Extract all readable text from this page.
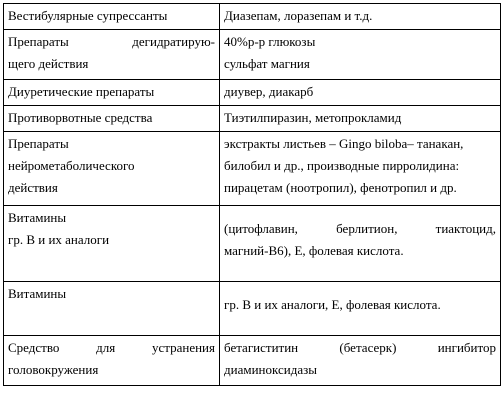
Вестибулярные супрессанты	Диазепам, лоразепам и т.д.

Препараты дегидратирую-
щего действия	40%р-р глюкозы
сульфат магния

Диуретические препараты	диувер, диакарб

Противорвотные средства	Тиэтилпиразин, метопрокламид

Препараты
нейрометаболического
действия	экстракты листьев – Gingo biloba– танакан,
билобил и др., производные пирролидина:
пирацетам (ноотропил), фенотропил и др.

Витамины
гр. В и их аналоги	(цитофлавин, берлитион, тиактоцид,
магний-В6), Е, фолевая кислота.

Витамины	гр. В и их аналоги, Е, фолевая кислота.

Средство для устранения
головокружения	бетагиститин (бетасерк) ингибитор
диаминоксидазы
